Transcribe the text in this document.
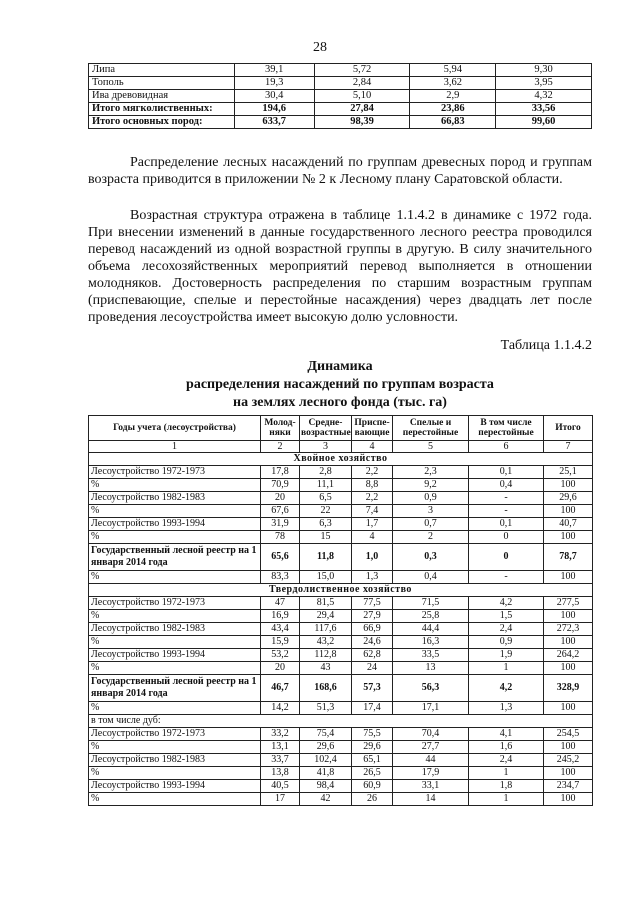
28
Липа	39,1	5,72	5,94	9,30
Тополь	19,3	2,84	3,62	3,95
Ива древовидная	30,4	5,10	2,9	4,32
Итого мягколиственных:	194,6	27,84	23,86	33,56
Итого основных пород:	633,7	98,39	66,83	99,60

Распределение лесных насаждений по группам древесных пород и группам возраста приводится в приложении № 2 к Лесному плану Саратовской области.

Возрастная структура отражена в таблице 1.1.4.2 в динамике с 1972 года. При внесении изменений в данные государственного лесного реестра проводился перевод насаждений из одной возрастной группы в другую. В силу значительного объема лесохозяйственных мероприятий перевод выполняется в отношении молодняков. Достоверность распределения по старшим возрастным группам (приспевающие, спелые и перестойные насаждения) через двадцать лет после проведения лесоустройства имеет высокую долю условности.

Таблица 1.1.4.2
Динамика
распределения насаждений по группам возраста
на землях лесного фонда (тыс. га)
Годы учета (лесоустройства)	Молод-няки	Средне-возрастные	Приспе-вающие	Спелые и перестойные	В том числе перестойные	Итого
1	2	3	4	5	6	7
Хвойное хозяйство						
Лесоустройство 1972-1973	17,8	2,8	2,2	2,3	0,1	25,1
%	70,9	11,1	8,8	9,2	0,4	100
Лесоустройство 1982-1983	20	6,5	2,2	0,9	-	29,6
%	67,6	22	7,4	3	-	100
Лесоустройство 1993-1994	31,9	6,3	1,7	0,7	0,1	40,7
%	78	15	4	2	0	100
Государственный лесной реестр на 1 января 2014 года	65,6	11,8	1,0	0,3	0	78,7
%	83,3	15,0	1,3	0,4	-	100
Твердолиственное хозяйство						
Лесоустройство 1972-1973	47	81,5	77,5	71,5	4,2	277,5
%	16,9	29,4	27,9	25,8	1,5	100
Лесоустройство 1982-1983	43,4	117,6	66,9	44,4	2,4	272,3
%	15,9	43,2	24,6	16,3	0,9	100
Лесоустройство 1993-1994	53,2	112,8	62,8	33,5	1,9	264,2
%	20	43	24	13	1	100
Государственный лесной реестр на 1 января 2014 года	46,7	168,6	57,3	56,3	4,2	328,9
%	14,2	51,3	17,4	17,1	1,3	100
в том числе дуб:						
Лесоустройство 1972-1973	33,2	75,4	75,5	70,4	4,1	254,5
%	13,1	29,6	29,6	27,7	1,6	100
Лесоустройство 1982-1983	33,7	102,4	65,1	44	2,4	245,2
%	13,8	41,8	26,5	17,9	1	100
Лесоустройство 1993-1994	40,5	98,4	60,9	33,1	1,8	234,7
%	17	42	26	14	1	100
